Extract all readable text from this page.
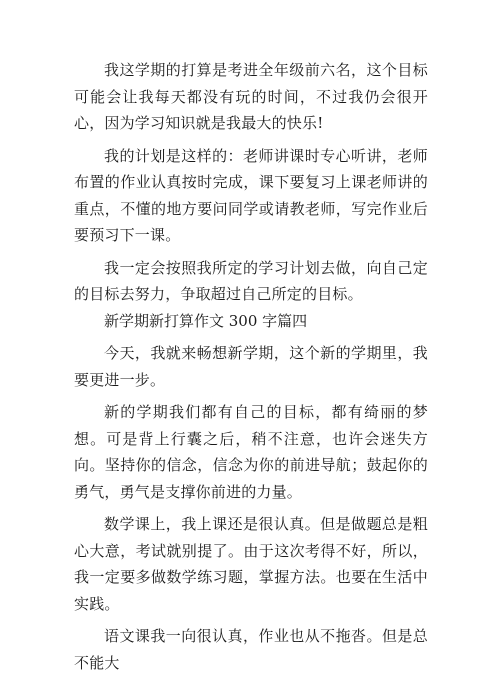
我这学期的打算是考进全年级前六名，这个目标可能会让我每天都没有玩的时间，不过我仍会很开心，因为学习知识就是我最大的快乐!

我的计划是这样的：老师讲课时专心听讲，老师布置的作业认真按时完成，课下要复习上课老师讲的重点，不懂的地方要问同学或请教老师，写完作业后要预习下一课。

我一定会按照我所定的学习计划去做，向自己定的目标去努力，争取超过自己所定的目标。

新学期新打算作文 300 字篇四

今天，我就来畅想新学期，这个新的学期里，我要更进一步。

新的学期我们都有自己的目标，都有绮丽的梦想。可是背上行囊之后，稍不注意，也许会迷失方向。坚持你的信念，信念为你的前进导航；鼓起你的勇气，勇气是支撑你前进的力量。

数学课上，我上课还是很认真。但是做题总是粗心大意，考试就别提了。由于这次考得不好，所以，我一定要多做数学练习题，掌握方法。也要在生活中实践。

语文课我一向很认真，作业也从不拖沓。但是总不能大
